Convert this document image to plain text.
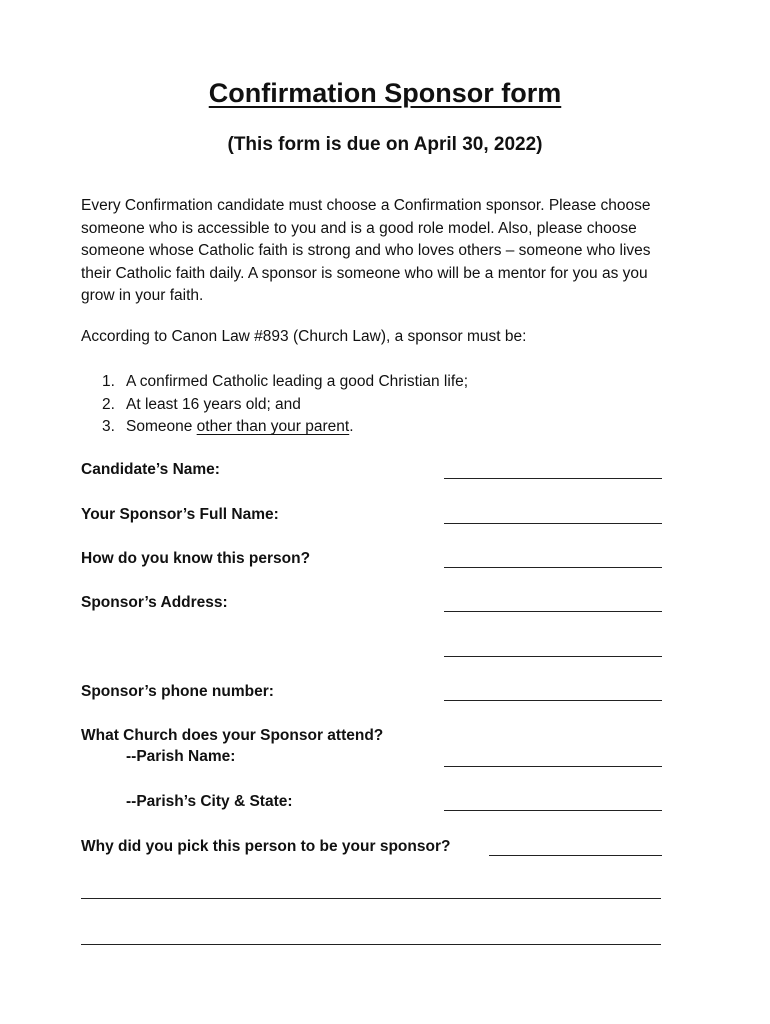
Confirmation Sponsor form
(This form is due on April 30, 2022)
Every Confirmation candidate must choose a Confirmation sponsor. Please choose
someone who is accessible to you and is a good role model. Also, please choose
someone whose Catholic faith is strong and who loves others – someone who lives
their Catholic faith daily. A sponsor is someone who will be a mentor for you as you
grow in your faith.

According to Canon Law #893 (Church Law), a sponsor must be:

1. A confirmed Catholic leading a good Christian life;
2. At least 16 years old; and
3. Someone other than your parent.
Candidate’s Name:
Your Sponsor’s Full Name:
How do you know this person?
Sponsor’s Address:
Sponsor’s phone number:
What Church does your Sponsor attend?
--Parish Name:
--Parish’s City & State:
Why did you pick this person to be your sponsor?
